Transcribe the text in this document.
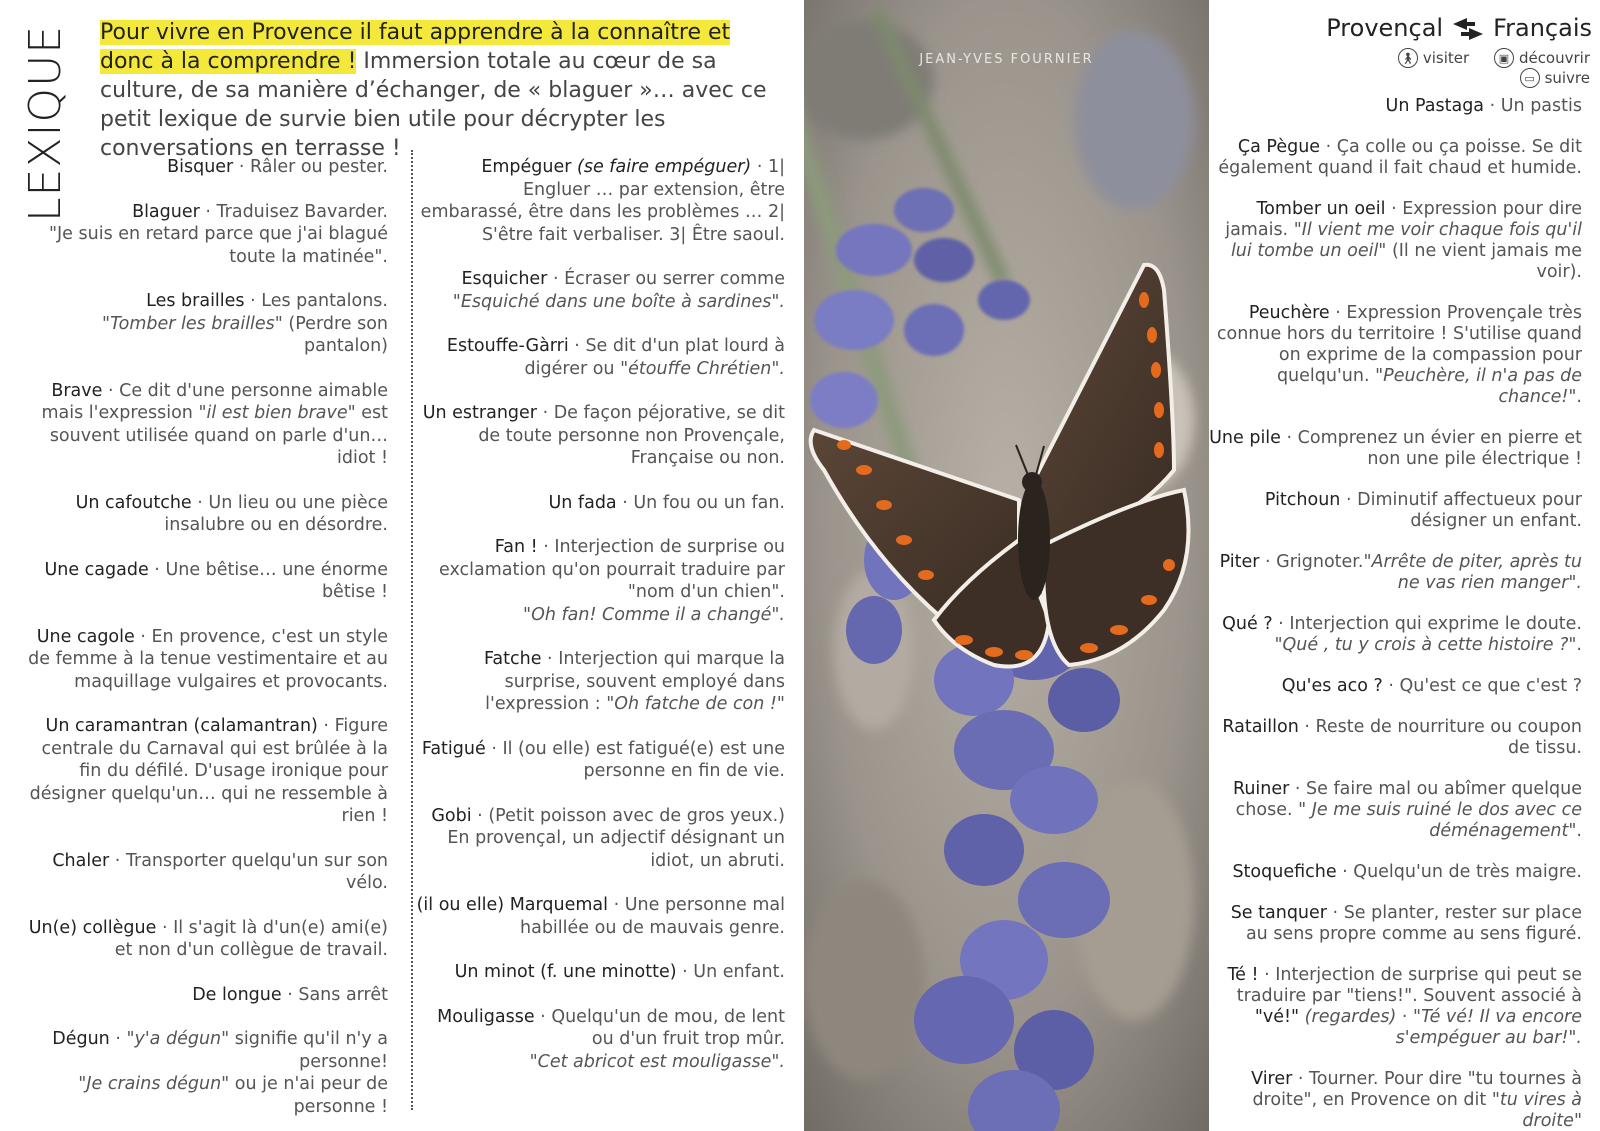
LEXIQUE Pour vivre en Provence il faut apprendre à la connaître et donc à la comprendre ! Immersion totale au cœur de sa culture, de sa manière d’échanger, de « blaguer »… avec ce petit lexique de survie bien utile pour décrypter les conversations en terrasse !
Bisquer · Râler ou pester.
Blaguer · Traduisez Bavarder.
"Je suis en retard parce que j'ai blagué toute la matinée".
Les brailles · Les pantalons.
"Tomber les brailles" (Perdre son pantalon)
Brave · Ce dit d'une personne aimable mais l'expression "il est bien brave" est souvent utilisée quand on parle d'un… idiot !
Un cafoutche · Un lieu ou une pièce insalubre ou en désordre.
Une cagade · Une bêtise… une énorme bêtise !
Une cagole · En provence, c'est un style de femme à la tenue vestimentaire et au maquillage vulgaires et provocants.
Un caramantran (calamantran) · Figure centrale du Carnaval qui est brûlée à la fin du défilé. D'usage ironique pour désigner quelqu'un… qui ne ressemble à rien !
Chaler · Transporter quelqu'un sur son vélo.
Un(e) collègue · Il s'agit là d'un(e) ami(e) et non d'un collègue de travail.
De longue · Sans arrêt
Dégun · "y'a dégun" signifie qu'il n'y a personne!
"Je crains dégun" ou je n'ai peur de personne !
Empéguer (se faire empéguer) · 1| Engluer … par extension, être embarassé, être dans les problèmes … 2| S'être fait verbaliser. 3| Être saoul.
Esquicher · Écraser ou serrer comme
"Esquiché dans une boîte à sardines".
Estouffe-Gàrri · Se dit d'un plat lourd à digérer ou "étouffe Chrétien".
Un estranger · De façon péjorative, se dit de toute personne non Provençale, Française ou non.
Un fada · Un fou ou un fan.
Fan ! · Interjection de surprise ou exclamation qu'on pourrait traduire par "nom d'un chien".
"Oh fan! Comme il a changé".
Fatche · Interjection qui marque la surprise, souvent employé dans l'expression : "Oh fatche de con !"
Fatigué · Il (ou elle) est fatigué(e) est une personne en fin de vie.
Gobi · (Petit poisson avec de gros yeux.)
En provençal, un adjectif désignant un idiot, un abruti.
(il ou elle) Marquemal · Une personne mal habillée ou de mauvais genre.
Un minot (f. une minotte) · Un enfant.
Mouligasse · Quelqu'un de mou, de lent ou d'un fruit trop mûr.
"Cet abricot est mouligasse".
JEAN-YVES FOURNIER
Provençal Français
🚶︎ visiter
	▣ découvrir

▭ suivre
Un Pastaga · Un pastis
Ça Pègue · Ça colle ou ça poisse. Se dit également quand il fait chaud et humide.
Tomber un oeil · Expression pour dire jamais. "Il vient me voir chaque fois qu'il lui tombe un oeil" (Il ne vient jamais me voir).
Peuchère · Expression Provençale très connue hors du territoire ! S'utilise quand on exprime de la compassion pour quelqu'un. "Peuchère, il n'a pas de chance!".
Une pile · Comprenez un évier en pierre et non une pile électrique !
Pitchoun · Diminutif affectueux pour désigner un enfant.
Piter · Grignoter."Arrête de piter, après tu ne vas rien manger".
Qué ? · Interjection qui exprime le doute. "Qué , tu y crois à cette histoire ?".
Qu'es aco ? · Qu'est ce que c'est ?
Rataillon · Reste de nourriture ou coupon de tissu.
Ruiner · Se faire mal ou abîmer quelque chose. " Je me suis ruiné le dos avec ce déménagement".
Stoquefiche · Quelqu'un de très maigre.
Se tanquer · Se planter, rester sur place au sens propre comme au sens figuré.
Té ! · Interjection de surprise qui peut se traduire par "tiens!". Souvent associé à "vé!" (regardes) · "Té vé! Il va encore s'empéguer au bar!".
Virer · Tourner. Pour dire "tu tournes à droite", en Provence on dit "tu vires à droite"
